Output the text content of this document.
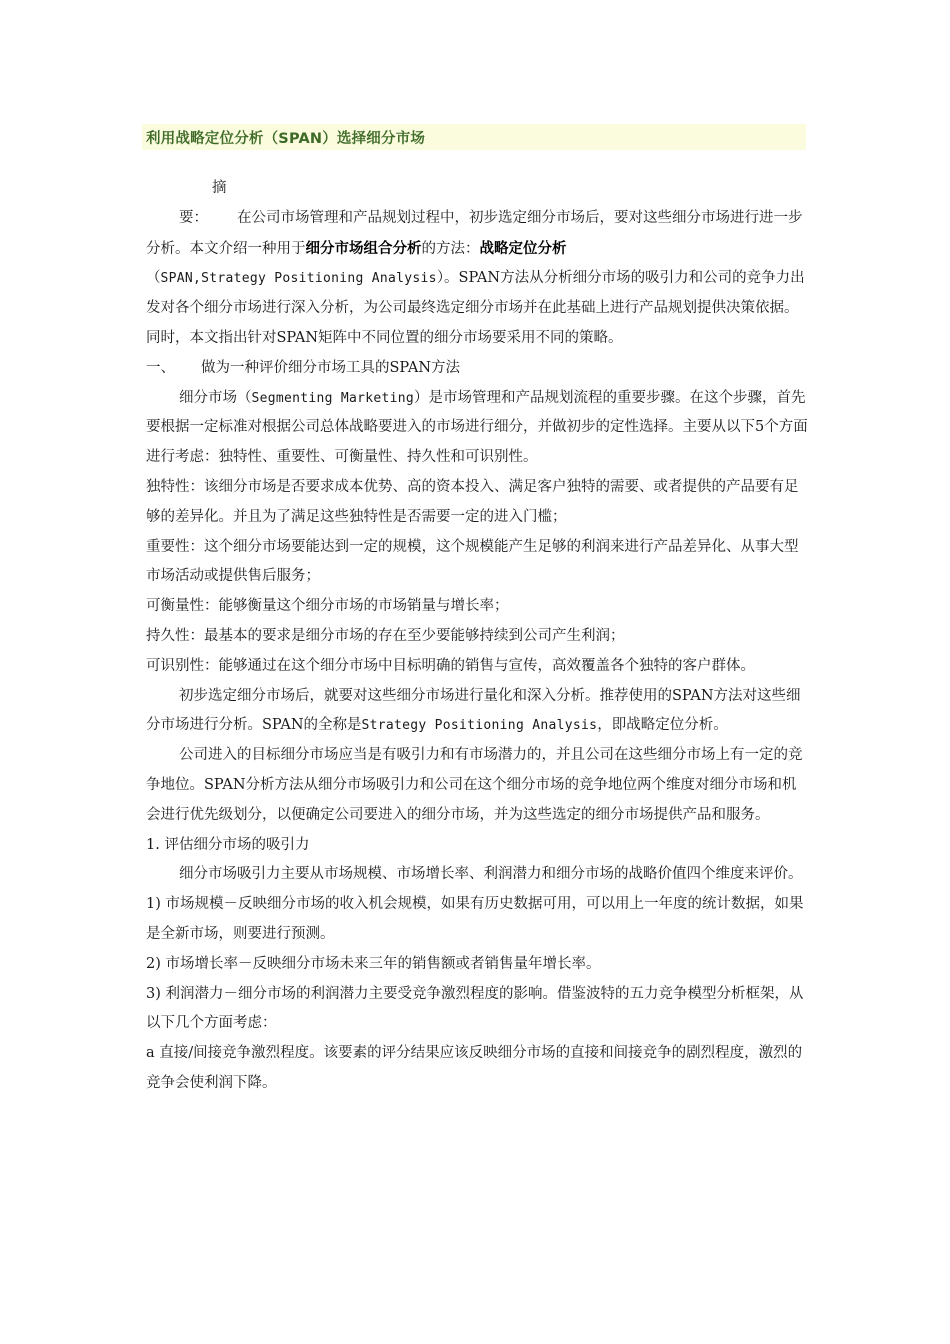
利用战略定位分析（SPAN）选择细分市场

摘要： 在公司市场管理和产品规划过程中，初步选定细分市场后，要对这些细分市场进行进一步分析。本文介绍一种用于细分市场组合分析的方法：战略定位分析
（SPAN,Strategy Positioning Analysis）。SPAN方法从分析细分市场的吸引力和公司的竞争力出发对各个细分市场进行深入分析，为公司最终选定细分市场并在此基础上进行产品规划提供决策依据。同时，本文指出针对SPAN矩阵中不同位置的细分市场要采用不同的策略。

一、 做为一种评价细分市场工具的SPAN方法

细分市场（Segmenting Marketing）是市场管理和产品规划流程的重要步骤。在这个步骤，首先要根据一定标准对根据公司总体战略要进入的市场进行细分，并做初步的定性选择。主要从以下5个方面进行考虑：独特性、重要性、可衡量性、持久性和可识别性。

独特性：该细分市场是否要求成本优势、高的资本投入、满足客户独特的需要、或者提供的产品要有足够的差异化。并且为了满足这些独特性是否需要一定的进入门槛；

重要性：这个细分市场要能达到一定的规模，这个规模能产生足够的利润来进行产品差异化、从事大型市场活动或提供售后服务；

可衡量性：能够衡量这个细分市场的市场销量与增长率；

持久性：最基本的要求是细分市场的存在至少要能够持续到公司产生利润；

可识别性：能够通过在这个细分市场中目标明确的销售与宣传，高效覆盖各个独特的客户群体。

初步选定细分市场后，就要对这些细分市场进行量化和深入分析。推荐使用的SPAN方法对这些细分市场进行分析。SPAN的全称是Strategy Positioning Analysis，即战略定位分析。

公司进入的目标细分市场应当是有吸引力和有市场潜力的，并且公司在这些细分市场上有一定的竞争地位。SPAN分析方法从细分市场吸引力和公司在这个细分市场的竞争地位两个维度对细分市场和机会进行优先级划分，以便确定公司要进入的细分市场，并为这些选定的细分市场提供产品和服务。

1. 评估细分市场的吸引力

细分市场吸引力主要从市场规模、市场增长率、利润潜力和细分市场的战略价值四个维度来评价。

1) 市场规模－反映细分市场的收入机会规模，如果有历史数据可用，可以用上一年度的统计数据，如果是全新市场，则要进行预测。

2) 市场增长率－反映细分市场未来三年的销售额或者销售量年增长率。

3) 利润潜力－细分市场的利润潜力主要受竞争激烈程度的影响。借鉴波特的五力竞争模型分析框架，从以下几个方面考虑：

a 直接/间接竞争激烈程度。该要素的评分结果应该反映细分市场的直接和间接竞争的剧烈程度，激烈的竞争会使利润下降。
